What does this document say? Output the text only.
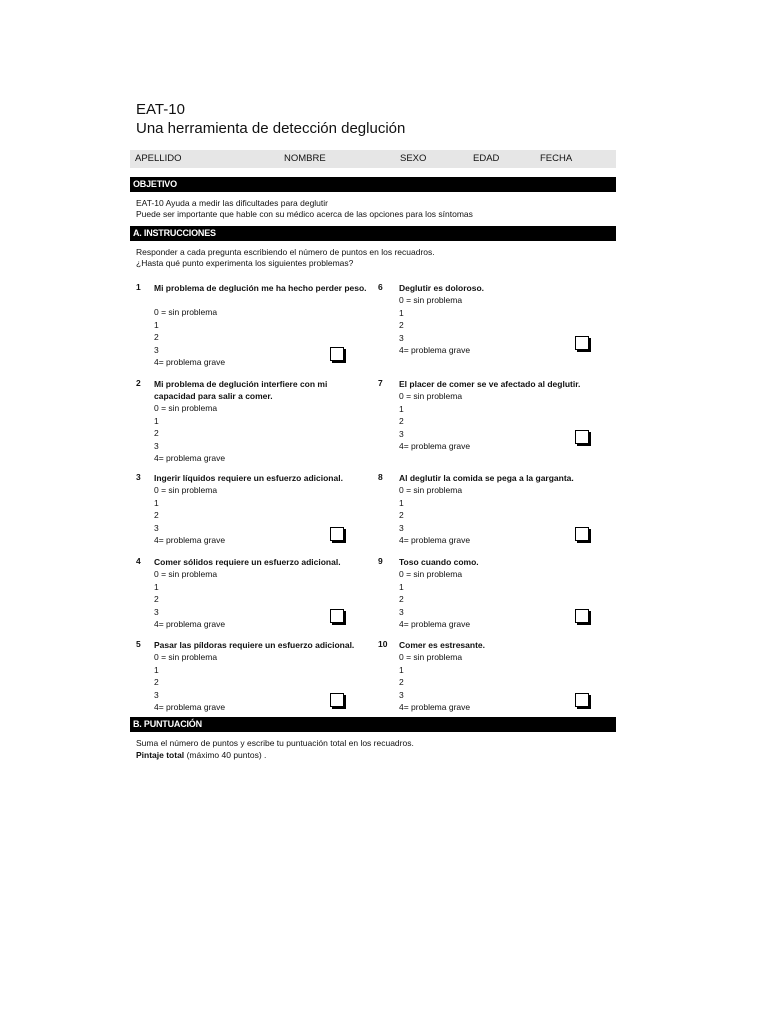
EAT-10
Una herramienta de detección deglución
APELLIDO	NOMBRE	SEXO	EDAD	FECHA
OBJETIVO
EAT-10 Ayuda a medir las dificultades para deglutir
Puede ser importante que hable con su médico acerca de las opciones para los síntomas
A. INSTRUCCIONES
Responder a cada pregunta escribiendo el número de puntos en los recuadros.
¿Hasta qué punto experimenta los siguientes problemas?
1 Mi problema de deglución me ha hecho perder peso.
0 = sin problema
1
2
3
4= problema grave
2 Mi problema de deglución interfiere con mi capacidad para salir a comer.
0 = sin problema
1
2
3
4= problema grave
3 Ingerir líquidos requiere un esfuerzo adicional.
0 = sin problema
1
2
3
4= problema grave
4 Comer sólidos requiere un esfuerzo adicional.
0 = sin problema
1
2
3
4= problema grave
5 Pasar las píldoras requiere un esfuerzo adicional.
0 = sin problema
1
2
3
4= problema grave
6 Deglutir es doloroso.
0 = sin problema
1
2
3
4= problema grave
7 El placer de comer se ve afectado al deglutir.
0 = sin problema
1
2
3
4= problema grave
8 Al deglutir la comida se pega a la garganta.
0 = sin problema
1
2
3
4= problema grave
9 Toso cuando como.
0 = sin problema
1
2
3
4= problema grave
10 Comer es estresante.
0 = sin problema
1
2
3
4= problema grave
B. PUNTUACIÓN
Suma el número de puntos y escribe tu puntuación total en los recuadros.
Pintaje total (máximo 40 puntos) .
